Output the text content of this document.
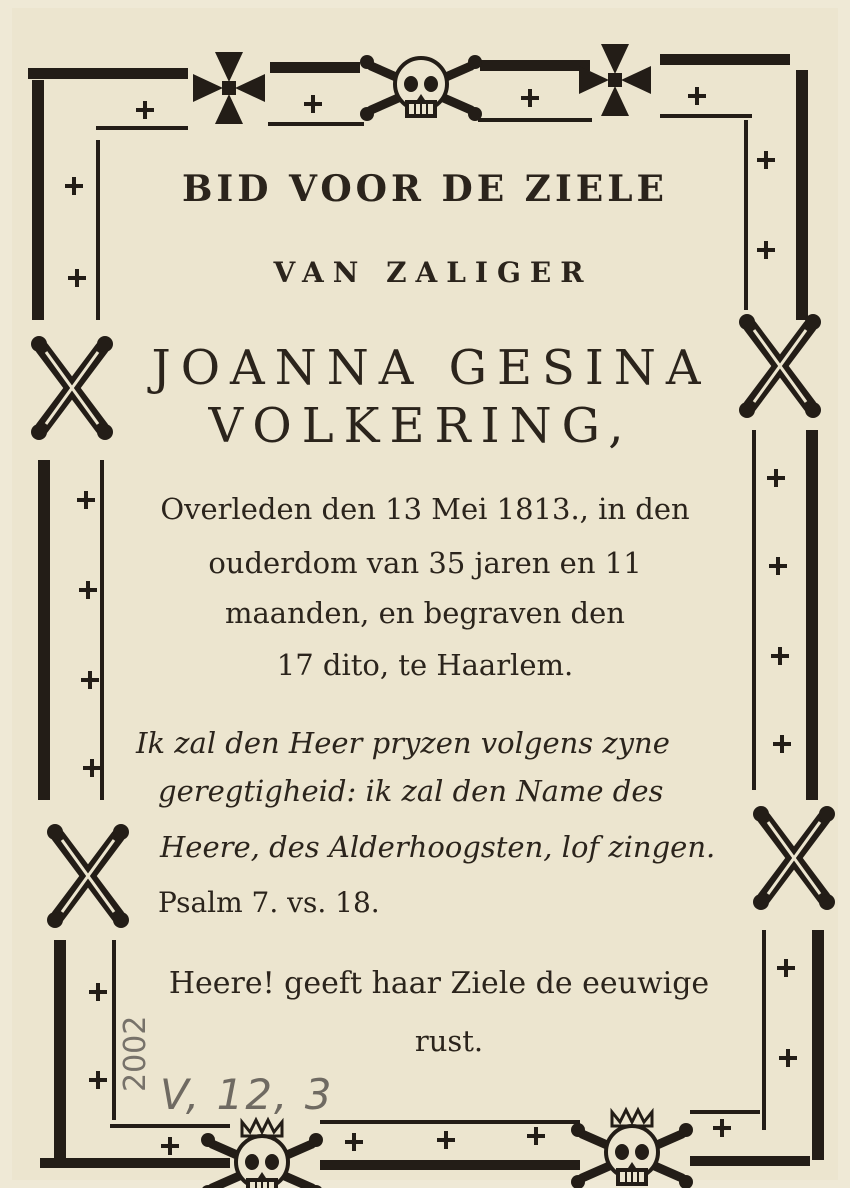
BID VOOR DE ZIELE
VAN ZALIGER
JOANNA GESINA
VOLKERING,
Overleden den 13 Mei 1813., in den
ouderdom van 35 jaren en 11
maanden, en begraven den
17 dito, te Haarlem.
Ik zal den Heer pryzen volgens zyne
geregtigheid: ik zal den Name des
Heere, des Alderhoogsten, lof zingen.
Psalm 7. vs. 18.
Heere! geeft haar Ziele de eeuwige
rust.
V, 12, 3
2002
